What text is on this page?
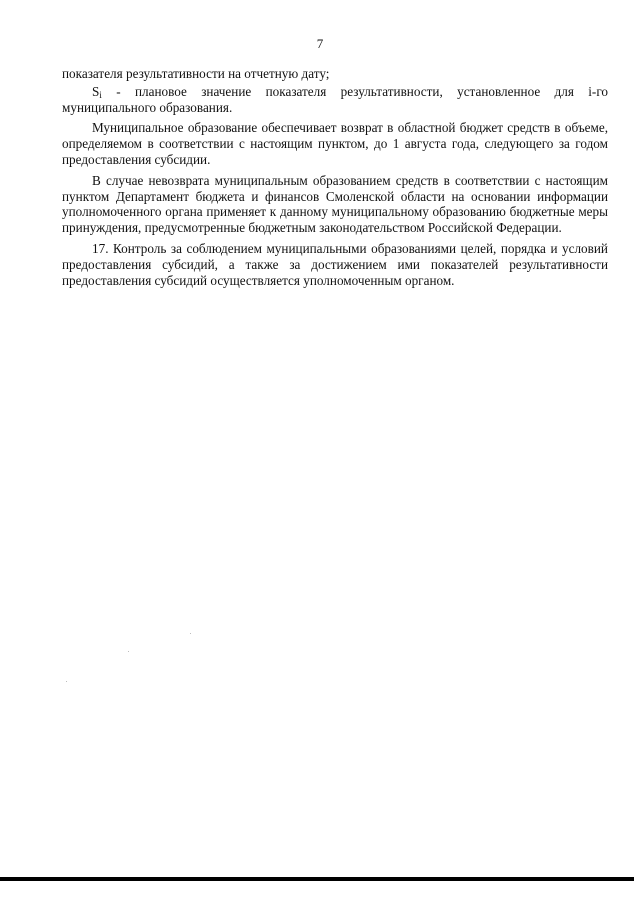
7

показателя результативности на отчетную дату;

$S_i$ - плановое значение показателя результативности, установленное для i-го муниципального образования.

Муниципальное образование обеспечивает возврат в областной бюджет средств в объеме, определяемом в соответствии с настоящим пунктом, до 1 августа года, следующего за годом предоставления субсидии.

В случае невозврата муниципальным образованием средств в соответствии с настоящим пунктом Департамент бюджета и финансов Смоленской области на основании информации уполномоченного органа применяет к данному муниципальному образованию бюджетные меры принуждения, предусмотренные бюджетным законодательством Российской Федерации.

17. Контроль за соблюдением муниципальными образованиями целей, порядка и условий предоставления субсидий, а также за достижением ими показателей результативности предоставления субсидий осуществляется уполномоченным органом.
